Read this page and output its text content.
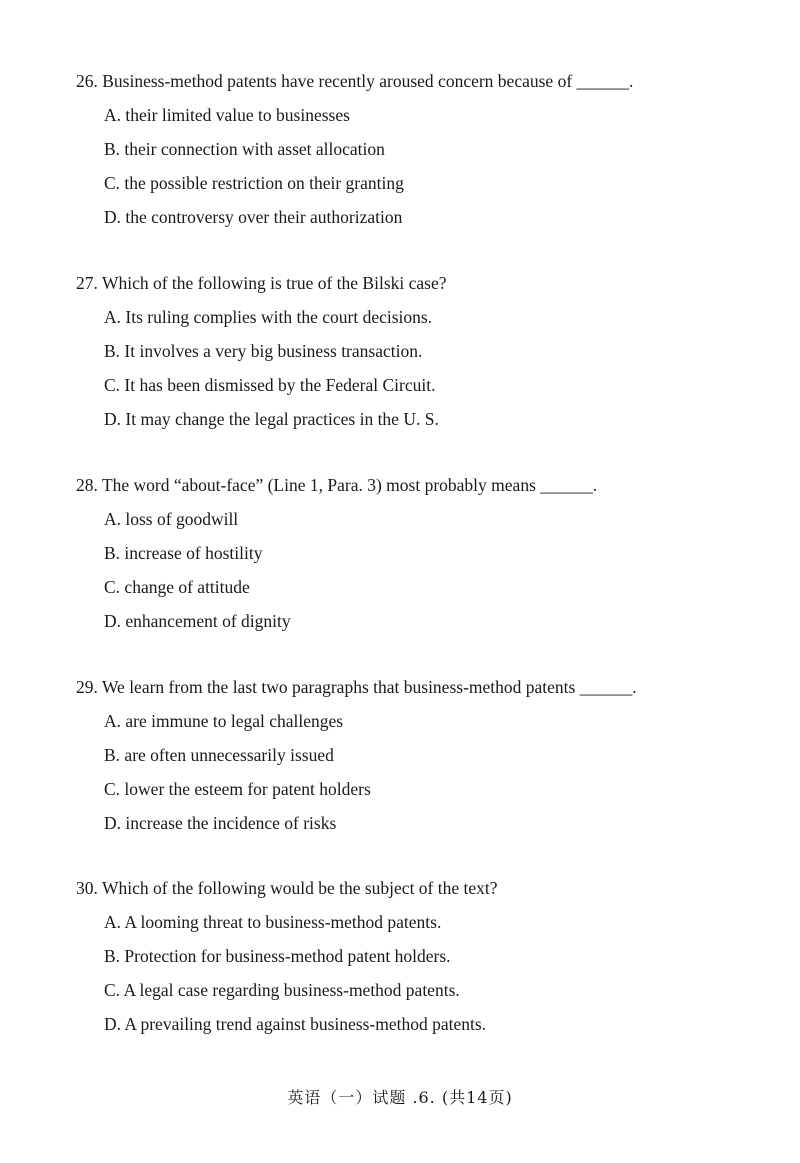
26. Business-method patents have recently aroused concern because of ______.
A. their limited value to businesses
B. their connection with asset allocation
C. the possible restriction on their granting
D. the controversy over their authorization
27. Which of the following is true of the Bilski case?
A. Its ruling complies with the court decisions.
B. It involves a very big business transaction.
C. It has been dismissed by the Federal Circuit.
D. It may change the legal practices in the U. S.
28. The word “about-face” (Line 1, Para. 3) most probably means ______.
A. loss of goodwill
B. increase of hostility
C. change of attitude
D. enhancement of dignity
29. We learn from the last two paragraphs that business-method patents ______.
A. are immune to legal challenges
B. are often unnecessarily issued
C. lower the esteem for patent holders
D. increase the incidence of risks
30. Which of the following would be the subject of the text?
A. A looming threat to business-method patents.
B. Protection for business-method patent holders.
C. A legal case regarding business-method patents.
D. A prevailing trend against business-method patents.
英语（一）试题 .6. (共14页)
